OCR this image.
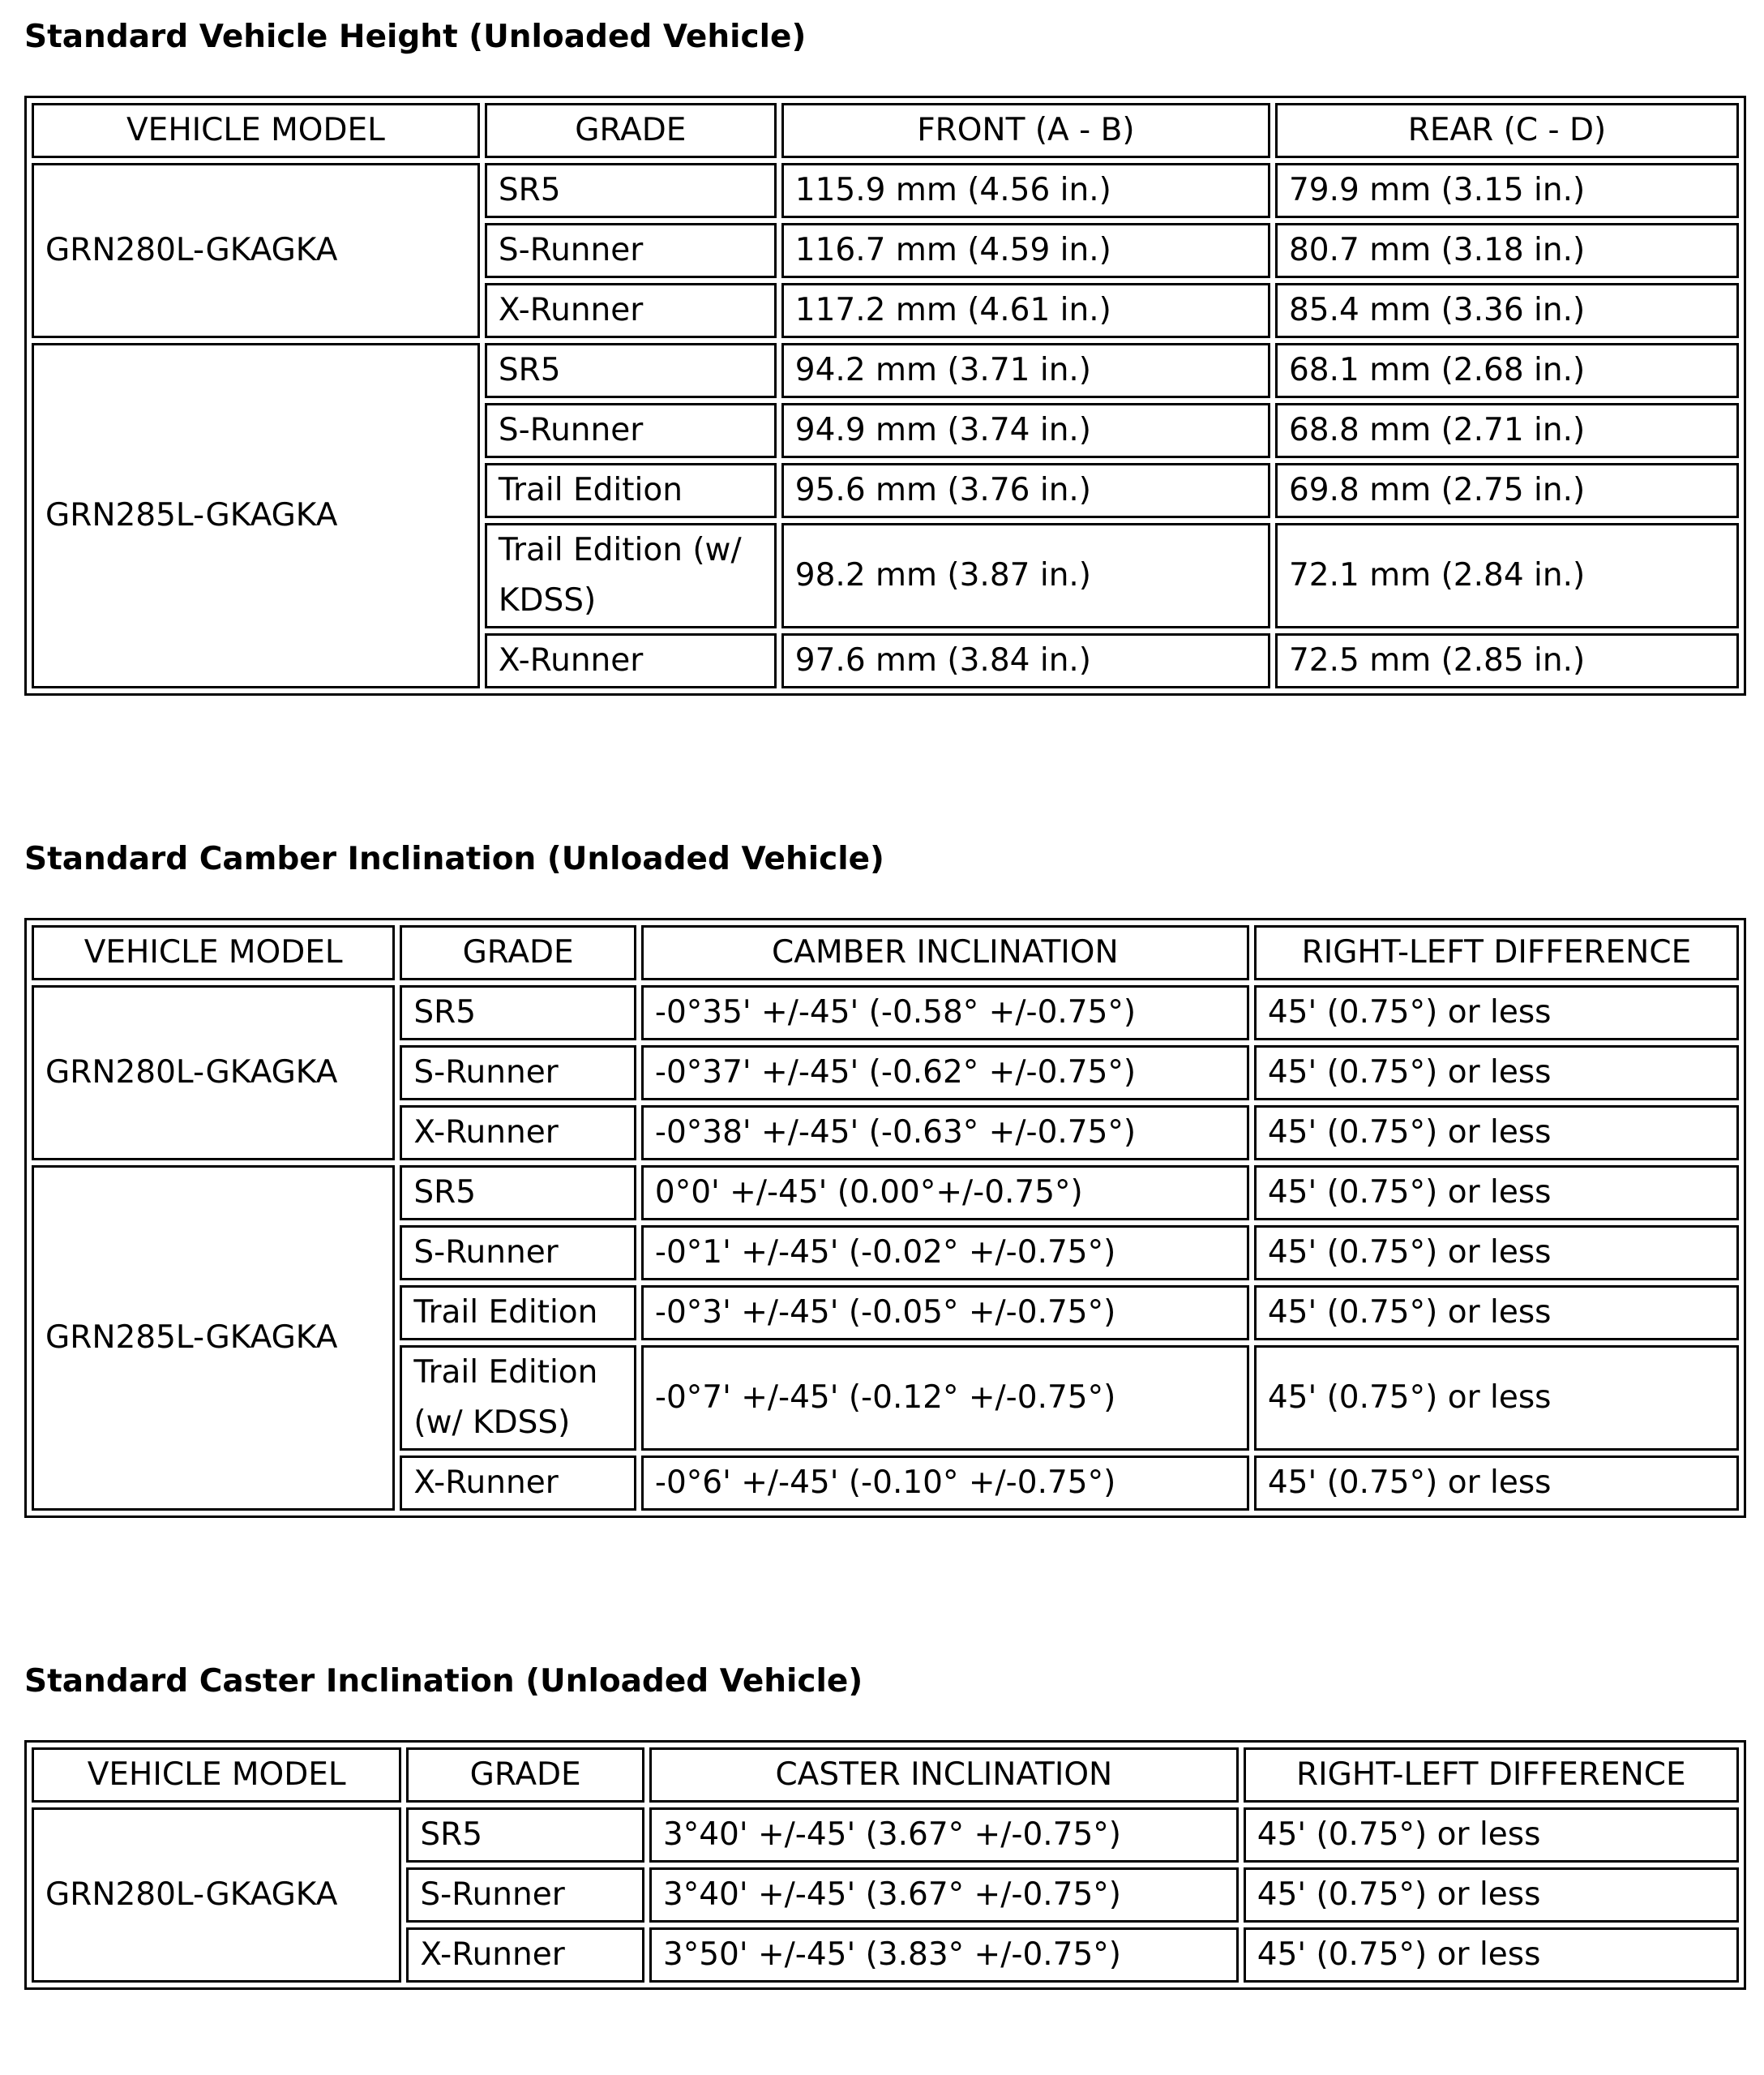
Standard Vehicle Height (Unloaded Vehicle)
VEHICLE MODEL	GRADE	FRONT (A - B)	REAR (C - D)
GRN280L-GKAGKA	SR5	115.9 mm (4.56 in.)	79.9 mm (3.15 in.)
	S-Runner	116.7 mm (4.59 in.)	80.7 mm (3.18 in.)
	X-Runner	117.2 mm (4.61 in.)	85.4 mm (3.36 in.)
GRN285L-GKAGKA	SR5	94.2 mm (3.71 in.)	68.1 mm (2.68 in.)
	S-Runner	94.9 mm (3.74 in.)	68.8 mm (2.71 in.)
	Trail Edition	95.6 mm (3.76 in.)	69.8 mm (2.75 in.)
	Trail Edition (w/ KDSS)	98.2 mm (3.87 in.)	72.1 mm (2.84 in.)
	X-Runner	97.6 mm (3.84 in.)	72.5 mm (2.85 in.)
Standard Camber Inclination (Unloaded Vehicle)
VEHICLE MODEL	GRADE	CAMBER INCLINATION	RIGHT-LEFT DIFFERENCE
GRN280L-GKAGKA	SR5	-0°35' +/-45' (-0.58° +/-0.75°)	45' (0.75°) or less
	S-Runner	-0°37' +/-45' (-0.62° +/-0.75°)	45' (0.75°) or less
	X-Runner	-0°38' +/-45' (-0.63° +/-0.75°)	45' (0.75°) or less
GRN285L-GKAGKA	SR5	0°0' +/-45' (0.00°+/-0.75°)	45' (0.75°) or less
	S-Runner	-0°1' +/-45' (-0.02° +/-0.75°)	45' (0.75°) or less
	Trail Edition	-0°3' +/-45' (-0.05° +/-0.75°)	45' (0.75°) or less
	Trail Edition (w/ KDSS)	-0°7' +/-45' (-0.12° +/-0.75°)	45' (0.75°) or less
	X-Runner	-0°6' +/-45' (-0.10° +/-0.75°)	45' (0.75°) or less
Standard Caster Inclination (Unloaded Vehicle)
VEHICLE MODEL	GRADE	CASTER INCLINATION	RIGHT-LEFT DIFFERENCE
GRN280L-GKAGKA	SR5	3°40' +/-45' (3.67° +/-0.75°)	45' (0.75°) or less
	S-Runner	3°40' +/-45' (3.67° +/-0.75°)	45' (0.75°) or less
	X-Runner	3°50' +/-45' (3.83° +/-0.75°)	45' (0.75°) or less
